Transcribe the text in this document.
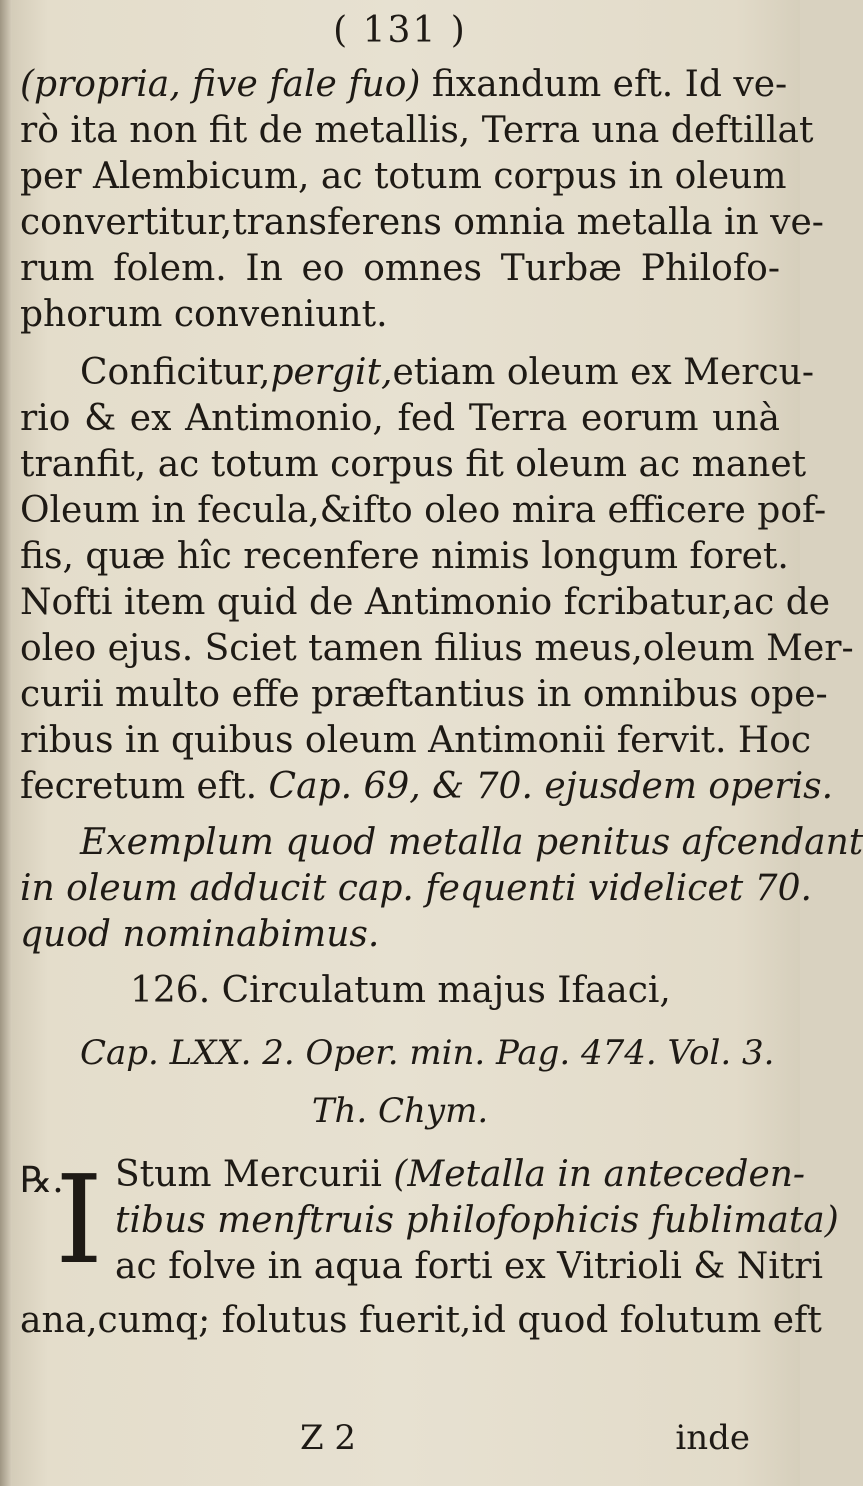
( 131 )
(propria, five fale fuo) fixandum eft. Id ve-
rò ita non fit de metallis, Terra una deftillat
per Alembicum, ac totum corpus in oleum
convertitur,transferens omnia metalla in ve-
rum folem. In eo omnes Turbæ Philofo-
phorum conveniunt.
Conficitur,pergit,etiam oleum ex Mercu-
rio & ex Antimonio, fed Terra eorum unà
tranfit, ac totum corpus fit oleum ac manet
Oleum in fecula,&ifto oleo mira efficere pof-
fis, quæ hîc recenfere nimis longum foret.
Nofti item quid de Antimonio fcribatur,ac de
oleo ejus. Sciet tamen filius meus,oleum Mer-
curii multo effe præftantius in omnibus ope-
ribus in quibus oleum Antimonii fervit. Hoc
fecretum eft. Cap. 69, & 70. ejusdem operis.
Exemplum quod metalla penitus afcendant
in oleum adducit cap. fequenti videlicet 70.
quod nominabimus.
126. Circulatum majus Ifaaci,
Cap. LXX. 2. Oper. min. Pag. 474. Vol. 3.
Th. Chym.
℞.
I Stum Mercurii (Metalla in anteceden-
tibus menftruis philofophicis fublimata)
ac folve in aqua forti ex Vitrioli & Nitri
ana,cumq; folutus fuerit,id quod folutum eft
Z 2	inde
